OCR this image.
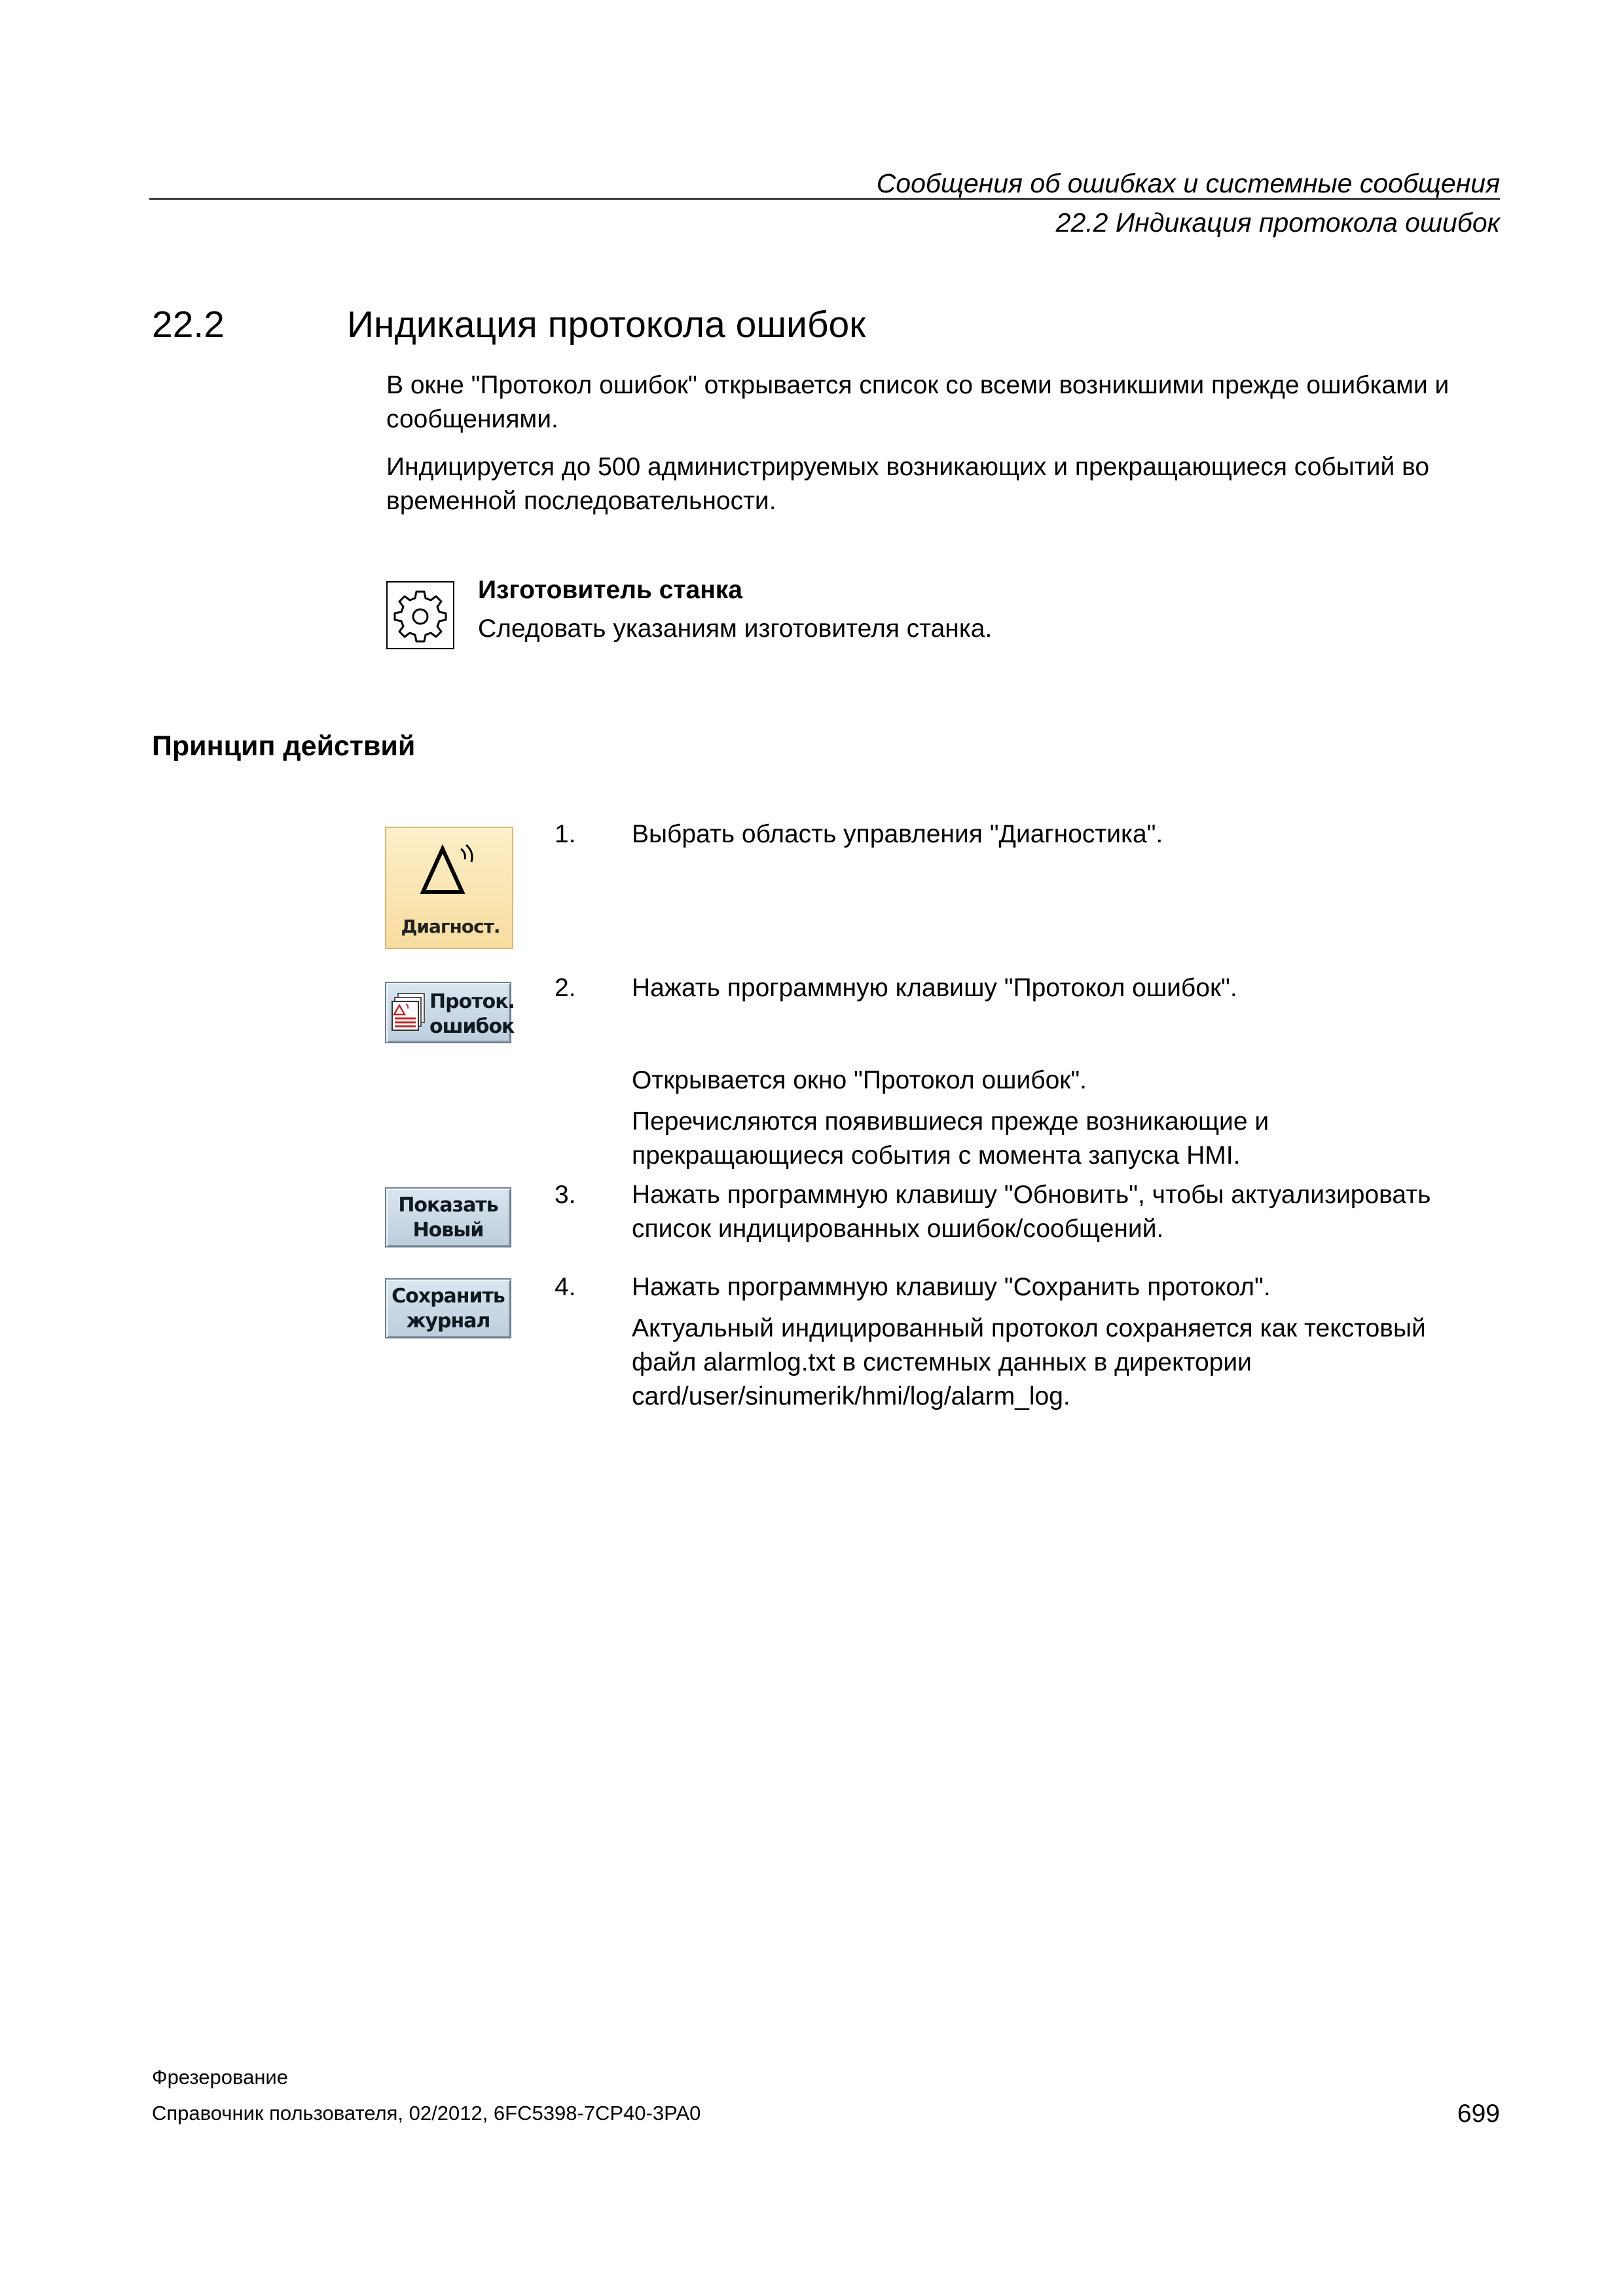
Сообщения об ошибках и системные сообщения
22.2 Индикация протокола ошибок
22.2	Индикация протокола ошибок
В окне "Протокол ошибок" открывается список со всеми возникшими прежде ошибками и сообщениями.
Индицируется до 500 администрируемых возникающих и прекращающиеся событий во временной последовательности.
Изготовитель станка
Следовать указаниям изготовителя станка.
Принцип действий
Диагност.
Проток.
ошибок
Показать
Новый
Сохранить
журнал
1. Выбрать область управления "Диагностика".
2. Нажать программную клавишу "Протокол ошибок".
Открывается окно "Протокол ошибок".
Перечисляются появившиеся прежде возникающие и прекращающиеся события с момента запуска HMI.
3. Нажать программную клавишу "Обновить", чтобы актуализировать список индицированных ошибок/сообщений.
4. Нажать программную клавишу "Сохранить протокол".
Актуальный индицированный протокол сохраняется как текстовый файл alarmlog.txt в системных данных в директории card/user/sinumerik/hmi/log/alarm_log.
Фрезерование
Справочник пользователя, 02/2012, 6FC5398-7CP40-3PA0	699
